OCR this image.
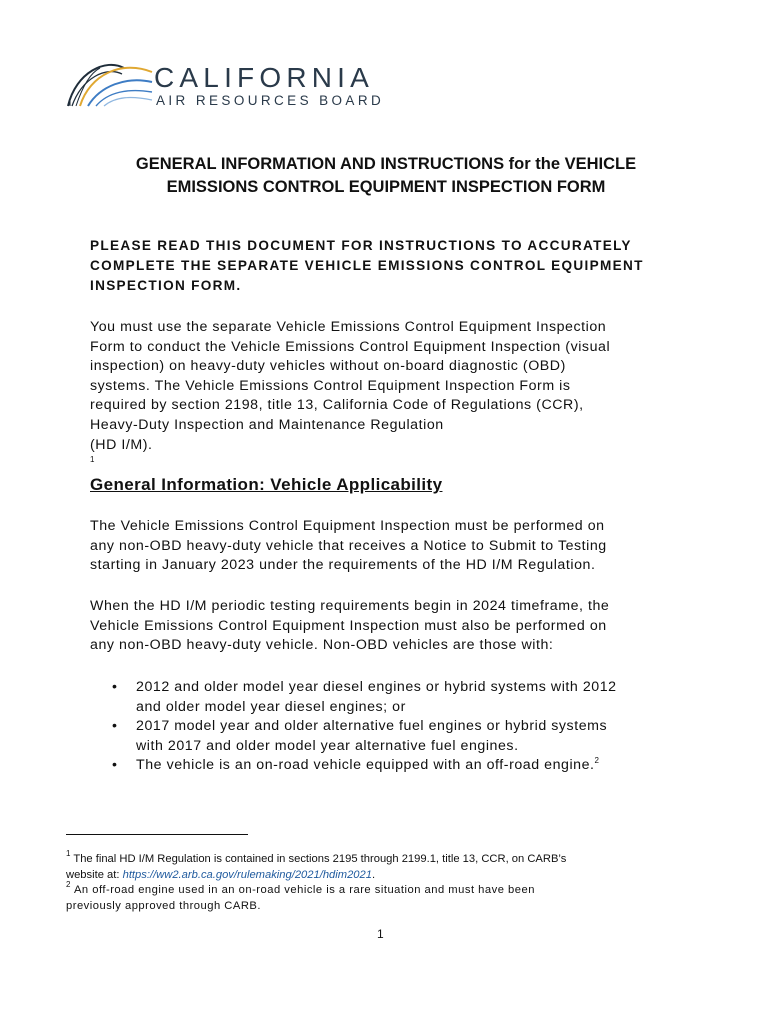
CALIFORNIA
AIR RESOURCES BOARD
GENERAL INFORMATION AND INSTRUCTIONS for the VEHICLE
EMISSIONS CONTROL EQUIPMENT INSPECTION FORM
PLEASE READ THIS DOCUMENT FOR INSTRUCTIONS TO ACCURATELY
COMPLETE THE SEPARATE VEHICLE EMISSIONS CONTROL EQUIPMENT
INSPECTION FORM.
You must use the separate Vehicle Emissions Control Equipment Inspection
Form to conduct the Vehicle Emissions Control Equipment Inspection (visual
inspection) on heavy-duty vehicles without on-board diagnostic (OBD)
systems. The Vehicle Emissions Control Equipment Inspection Form is
required by section 2198, title 13, California Code of Regulations (CCR),
Heavy-Duty Inspection and Maintenance Regulation
(HD I/M).
$^1$
General Information: Vehicle Applicability
The Vehicle Emissions Control Equipment Inspection must be performed on
any non-OBD heavy-duty vehicle that receives a Notice to Submit to Testing
starting in January 2023 under the requirements of the HD I/M Regulation.
When the HD I/M periodic testing requirements begin in 2024 timeframe, the
Vehicle Emissions Control Equipment Inspection must also be performed on
any non-OBD heavy-duty vehicle. Non-OBD vehicles are those with:
• 2012 and older model year diesel engines or hybrid systems with 2012
and older model year diesel engines; or
• 2017 model year and older alternative fuel engines or hybrid systems
with 2017 and older model year alternative fuel engines.
• The vehicle is an on-road vehicle equipped with an off-road engine.$^2$
$^1$ The final HD I/M Regulation is contained in sections 2195 through 2199.1, title 13, CCR, on CARB’s
website at: https://ww2.arb.ca.gov/rulemaking/2021/hdim2021.
$^2$ An off-road engine used in an on-road vehicle is a rare situation and must have been
previously approved through CARB.
1
